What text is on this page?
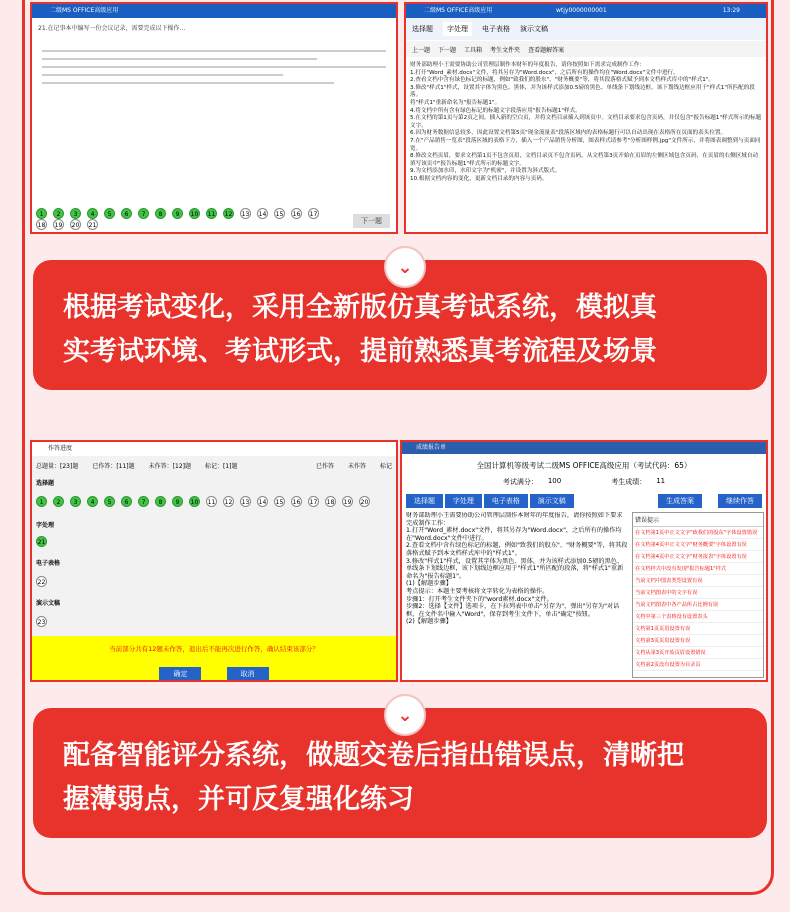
二级MS OFFICE高级应用
21.在记事本中编写一份会议记录，需要完成以下操作...
1 2 3 4 5 6 7 8 9 10 11 12 13 14 15 16 1718 19 20 21
下一题
二级MS OFFICE高级应用	wtjy0000000001	13:29
选择题	字处理	电子表格 演示文稿
上一题 下一题 工具箱 考生文件夹 查看题解答案
财务部助理小王需要协助公司管理层制作本财年的年度报告，请你按照如下需求完成制作工作：
1.打开"Word_素材.docx"文件，将其另存为"Word.docx"，之后所有的操作均在"Word.docx"文件中进行。
2.查看文档中含有绿色标记的标题，例如"致我们的股东"、"财务概要"等，将其段落格式赋予到本文档样式库中的"样式1"。
3.修改"样式1"样式，设置其字体为黑色、黑体，并为该样式添加0.5磅的黑色、单线条下划线边框，该下划线边框应用于"样式1"所匹配的段落。
将"样式1"重新命名为"报告标题1"。
4.将文档中所有含有绿色标记的标题文字段落应用"报告标题1"样式。
5.在文档的第1页与第2页之间，插入新的空白页，并将文档目录插入到该页中。文档目录要求包含页码，并仅包含"报告标题1"样式所示的标题文字。
6.因为财务数据信息较多，因此设置文档第5页"现金流量表"段落区域内的表格标题行可以自动出现在表格所在页面的表头位置。
7.在"产品销售一览表"段落区域的表格下方，插入一个产品销售分析图，图表样式请参考"分析图样例.jpg"文件所示，并将图表调整到与页面同宽。
8.修改文档页眉，要求文档第1页不包含页眉，文档目录页不包含页码，从文档第3页开始在页眉的左侧区域包含页码，在页眉的右侧区域自动填写该页中"报告标题1"样式所示的标题文字。
9.为文档添加水印，水印文字为"机密"，并设置为斜式版式。
10.根据文档内容的变化，更新文档目录的内容与页码。
⌄
根据考试变化，采用全新版仿真考试系统，模拟真
实考试环境、考试形式，提前熟悉真考流程及场景
作答进度
总题量：[23]题 已作答：[11]题 未作答：[12]题 标记：[1]题	已作答 未作答 标记
选择题
1 2 3 4 5 6 7 8 9 10 11 12 13 14 15 16 17 18 19 20
字处理
21
电子表格
22
演示文稿
23
当前部分共有12题未作答，退出后不能再次进行作答，确认结束该部分？
确定	取消
成绩报告单
全国计算机等级考试二级MS OFFICE高级应用（考试代码：65）
考试满分： 100	考生成绩： 11
选择题	字处理	电子表格	演示文稿	生成答案	继续作答
财务部助理小王需要协助公司管理层制作本财年的年度报告，请你按照如下要求完成制作工作：
1.打开"Word_素材.docx"文件，将其另存为"Word.docx"，之后所有的操作均在"Word.docx"文件中进行。
2.查看文档中含有绿色标记的标题，例如"致我们的股东"、"财务概要"等，将其段落格式赋予到本文档样式库中的"样式1"。
3.修改"样式1"样式，设置其字体为黑色、黑体，并为该样式添加0.5磅的黑色、单线条下划线边框，该下划线边框应用于"样式1"所匹配的段落，将"样式1"重新命名为"报告标题1"。
(1)【解题步骤】
考点提示：本题主要考核将文字转化为表格的操作。
步骤1：打开考生文件夹下的"word素材.docx"文件。
步骤2：选择【文件】选项卡，在下拉列表中单击"另存为"，弹出"另存为"对话框，在文件名中输入"Word"，保存到考生文件下，单击"确定"按钮。
(2)【解题步骤】
错误提示
在文档第1页中正文文字"致我们的股东"字体设置错误
在文档第4页中正文文字"财务概要"字体设置有误
在文档第4页中正文文字"财务报表"字体设置有误
在文档样式中没有发现"报告标题1"样式
当前文档中图表类型设置有误
当前文档图表中的文字有误
当前文档图表中各产品所占比例有误
文档中第三个表格没有设置表头
文档第1页页眉设置有误
文档第3页页眉设置有误
文档从第3页开始页眉设置错误
文档第2页没有设置为目录页
⌄
配备智能评分系统，做题交卷后指出错误点，清晰把
握薄弱点，并可反复强化练习
